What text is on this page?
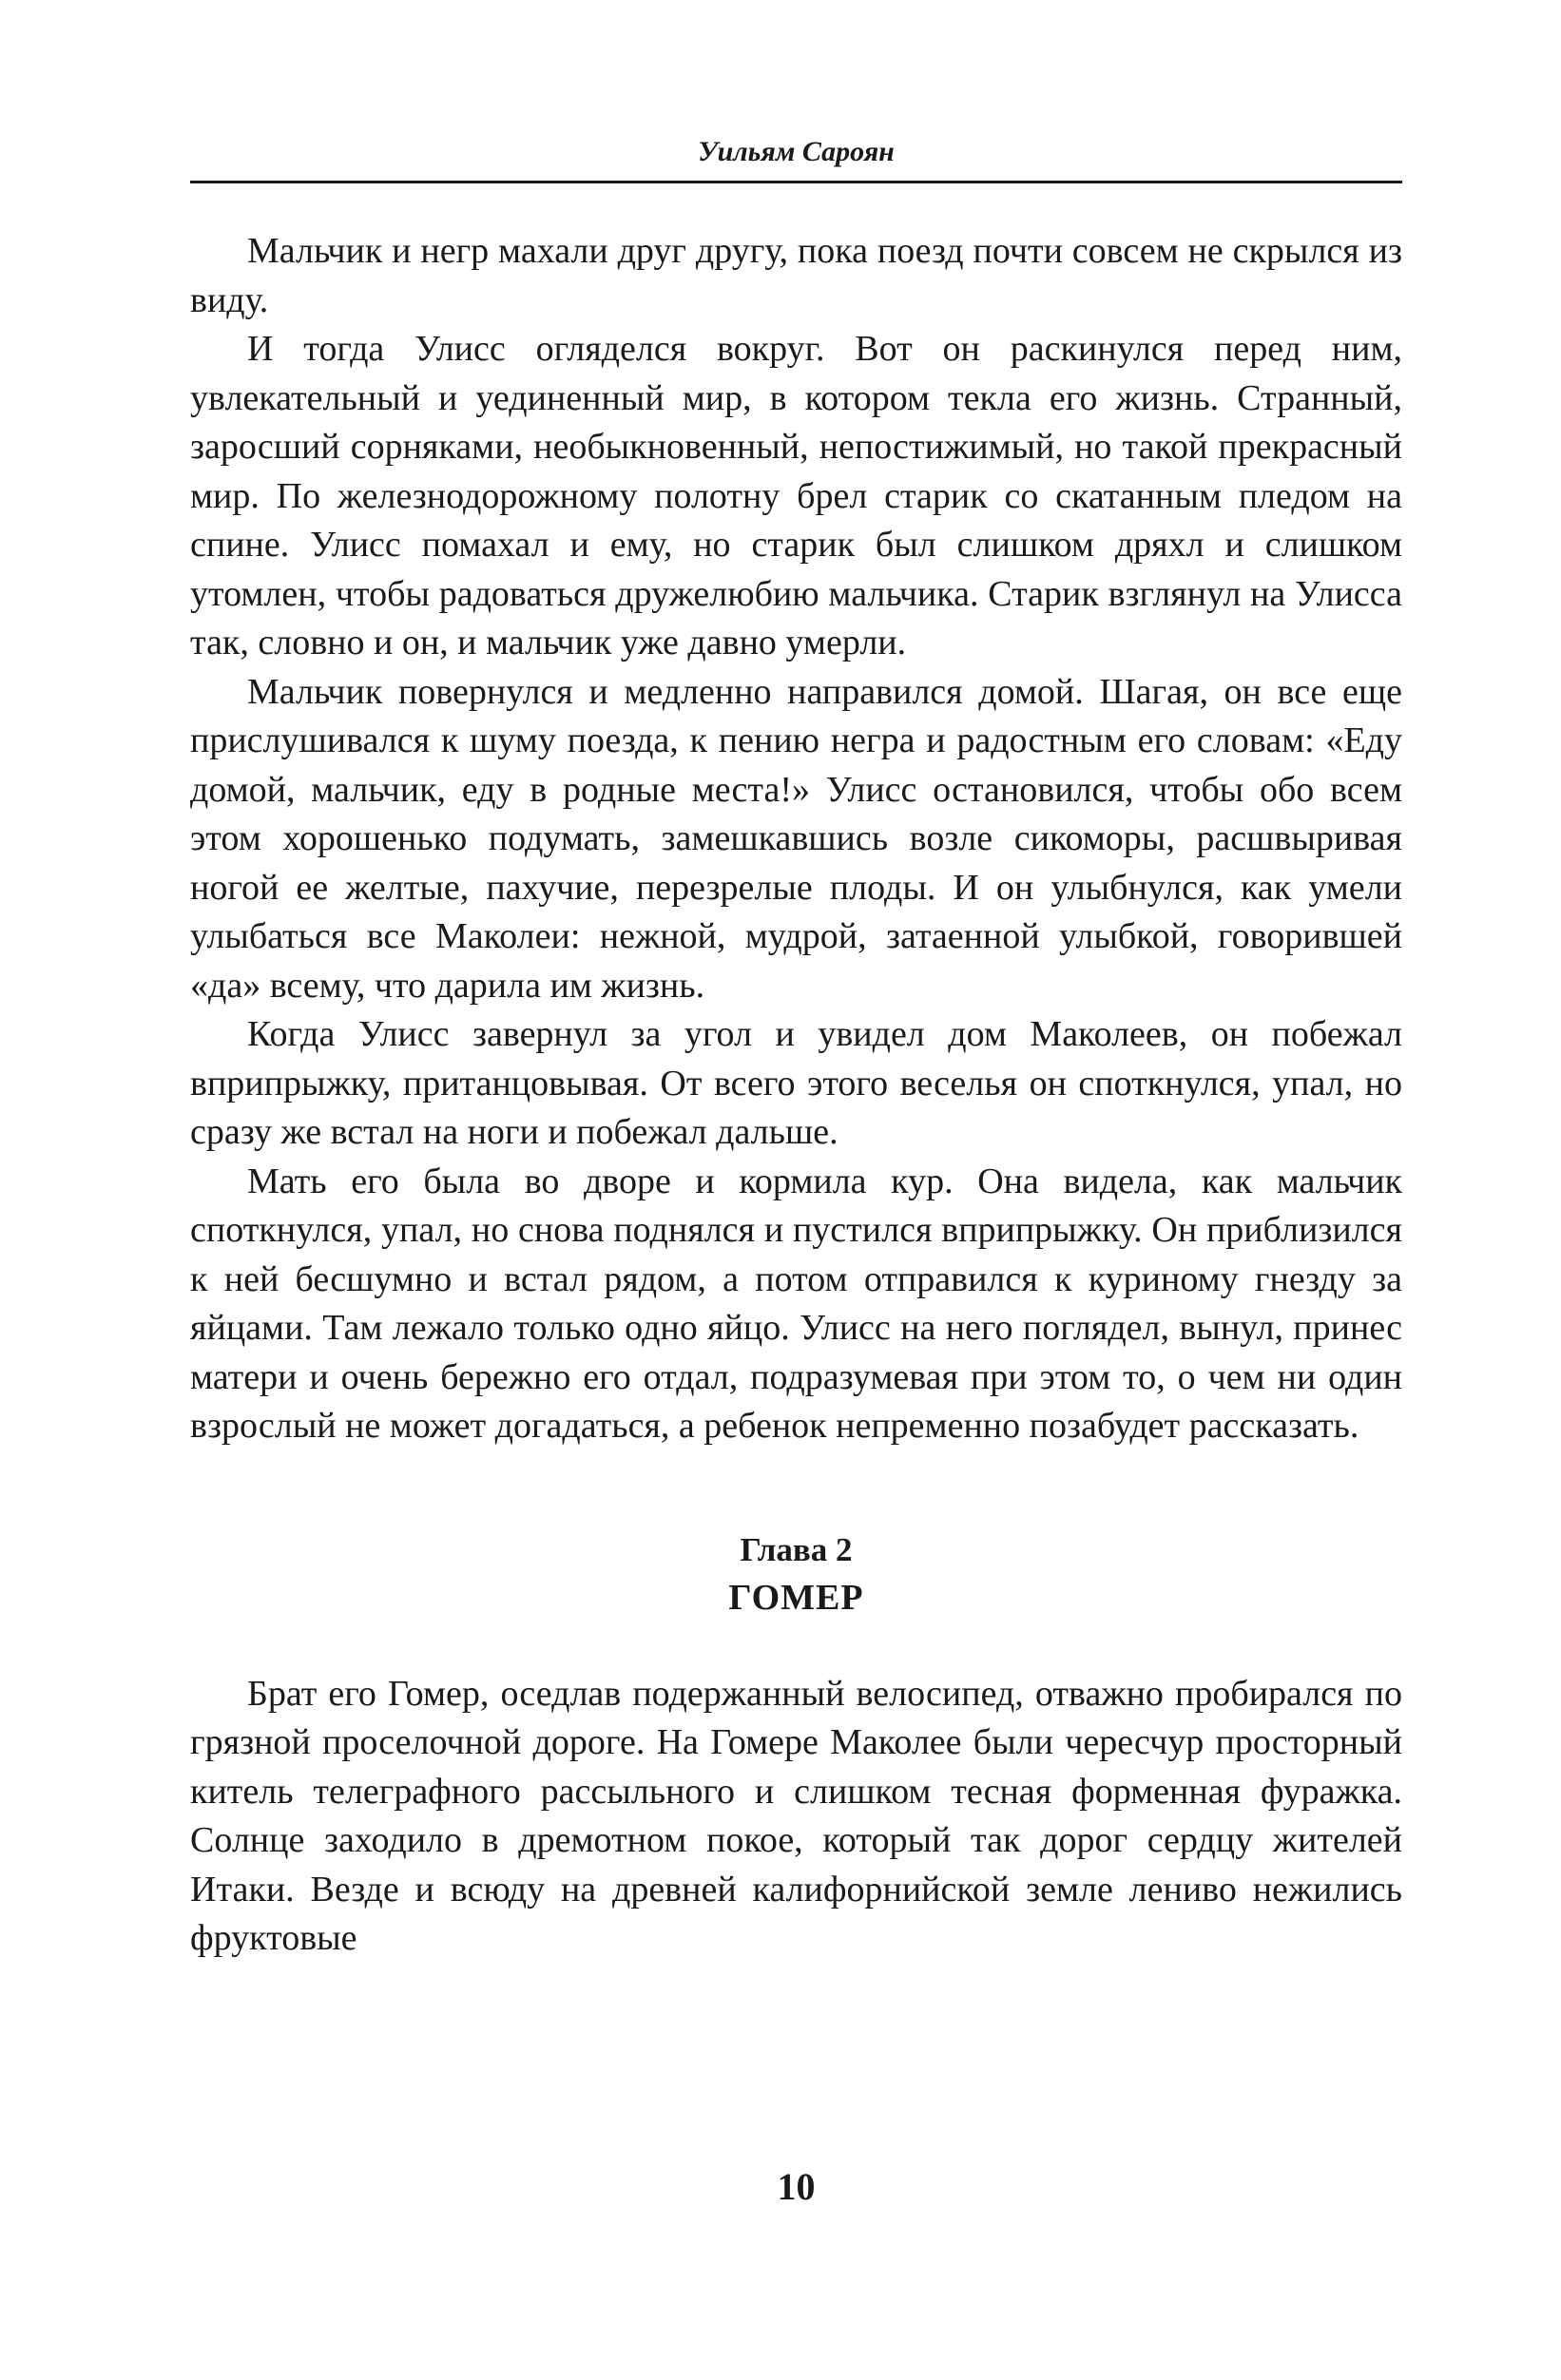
Уильям Сароян

Мальчик и негр махали друг другу, пока поезд почти совсем не скрылся из виду.

И тогда Улисс огляделся вокруг. Вот он раскинулся перед ним, увлекательный и уединенный мир, в котором текла его жизнь. Странный, заросший сорняками, необыкновенный, непостижимый, но такой прекрасный мир. По железнодорожному полотну брел старик со скатанным пледом на спине. Улисс помахал и ему, но старик был слишком дряхл и слишком утомлен, чтобы радоваться дружелюбию мальчика. Старик взглянул на Улисса так, словно и он, и мальчик уже давно умерли.

Мальчик повернулся и медленно направился домой. Шагая, он все еще прислушивался к шуму поезда, к пению негра и радостным его словам: «Еду домой, мальчик, еду в родные места!» Улисс остановился, чтобы обо всем этом хорошенько подумать, замешкавшись возле сикоморы, расшвыривая ногой ее желтые, пахучие, перезрелые плоды. И он улыбнулся, как умели улыбаться все Маколеи: нежной, мудрой, затаенной улыбкой, говорившей «да» всему, что дарила им жизнь.

Когда Улисс завернул за угол и увидел дом Маколеев, он побежал вприпрыжку, пританцовывая. От всего этого веселья он споткнулся, упал, но сразу же встал на ноги и побежал дальше.

Мать его была во дворе и кормила кур. Она видела, как мальчик споткнулся, упал, но снова поднялся и пустился вприпрыжку. Он приблизился к ней бесшумно и встал рядом, а потом отправился к куриному гнезду за яйцами. Там лежало только одно яйцо. Улисс на него поглядел, вынул, принес матери и очень бережно его отдал, подразумевая при этом то, о чем ни один взрослый не может догадаться, а ребенок непременно позабудет рассказать.

Глава 2
ГОМЕР

Брат его Гомер, оседлав подержанный велосипед, отважно пробирался по грязной проселочной дороге. На Гомере Маколее были чересчур просторный китель телеграфного рассыльного и слишком тесная форменная фуражка. Солнце заходило в дремотном покое, который так дорог сердцу жителей Итаки. Везде и всюду на древней калифорнийской земле лениво нежились фруктовые

10
